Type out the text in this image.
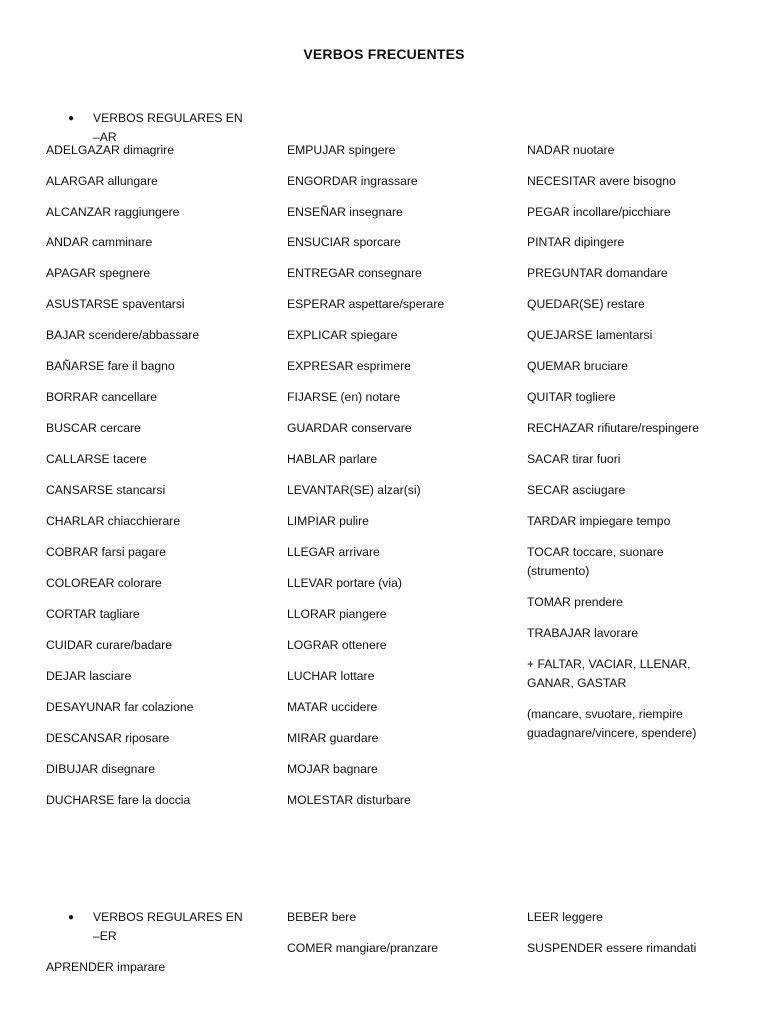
VERBOS FRECUENTES
● VERBOS REGULARES EN –AR
ADELGAZAR dimagrire
ALARGAR allungare
ALCANZAR raggiungere
ANDAR camminare
APAGAR spegnere
ASUSTARSE spaventarsi
BAJAR scendere/abbassare
BAÑARSE fare il bagno
BORRAR cancellare
BUSCAR cercare
CALLARSE tacere
CANSARSE stancarsi
CHARLAR chiacchierare
COBRAR farsi pagare
COLOREAR colorare
CORTAR tagliare
CUIDAR curare/badare
DEJAR lasciare
DESAYUNAR far colazione
DESCANSAR riposare
DIBUJAR disegnare
DUCHARSE fare la doccia
EMPUJAR spingere
ENGORDAR ingrassare
ENSEÑAR insegnare
ENSUCIAR sporcare
ENTREGAR consegnare
ESPERAR aspettare/sperare
EXPLICAR spiegare
EXPRESAR esprimere
FIJARSE (en) notare
GUARDAR conservare
HABLAR parlare
LEVANTAR(SE) alzar(si)
LIMPIAR pulire
LLEGAR arrivare
LLEVAR portare (via)
LLORAR piangere
LOGRAR ottenere
LUCHAR lottare
MATAR uccidere
MIRAR guardare
MOJAR bagnare
MOLESTAR disturbare
NADAR nuotare
NECESITAR avere bisogno
PEGAR incollare/picchiare
PINTAR dipingere
PREGUNTAR domandare
QUEDAR(SE) restare
QUEJARSE lamentarsi
QUEMAR bruciare
QUITAR togliere
RECHAZAR rifiutare/respingere
SACAR tirar fuori
SECAR asciugare
TARDAR impiegare tempo
TOCAR toccare, suonare (strumento)
TOMAR prendere
TRABAJAR lavorare
+ FALTAR, VACIAR, LLENAR, GANAR, GASTAR
(mancare, svuotare, riempire guadagnare/vincere, spendere)
● VERBOS REGULARES EN –ER
APRENDER imparare
BEBER bere
COMER mangiare/pranzare
LEER leggere
SUSPENDER essere rimandati
